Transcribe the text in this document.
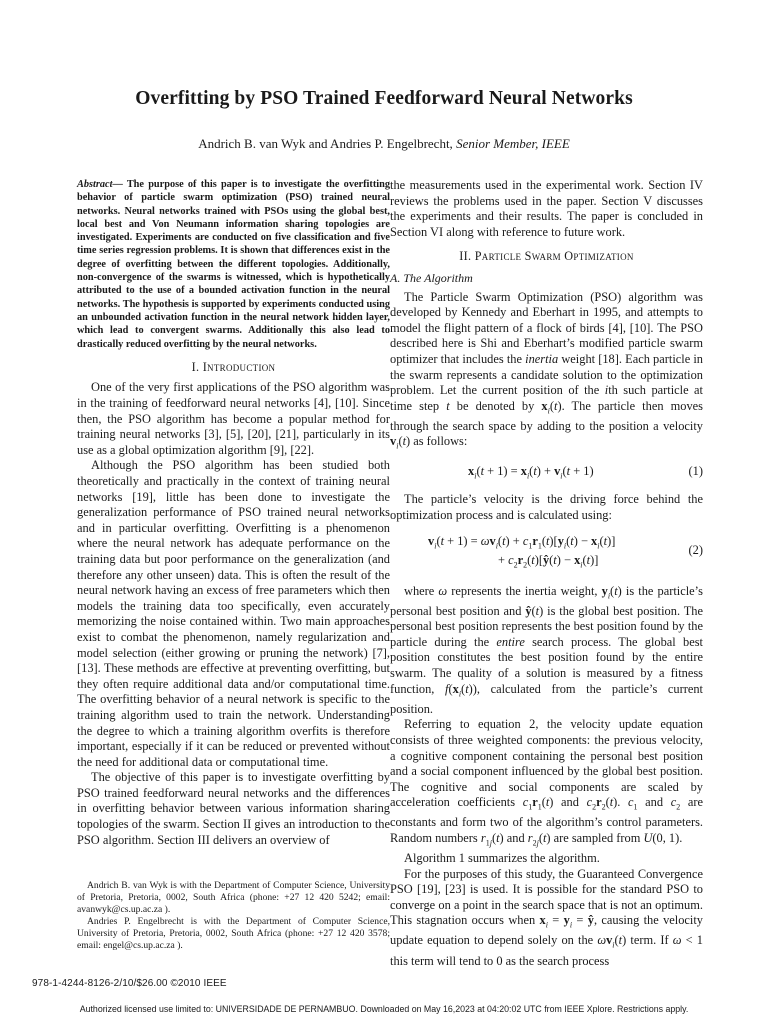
Overfitting by PSO Trained Feedforward Neural Networks
Andrich B. van Wyk and Andries P. Engelbrecht, Senior Member, IEEE

Abstract— The purpose of this paper is to investigate the overfitting behavior of particle swarm optimization (PSO) trained neural networks. Neural networks trained with PSOs using the global best, local best and Von Neumann information sharing topologies are investigated. Experiments are conducted on five classification and five time series regression problems. It is shown that differences exist in the degree of overfitting between the different topologies. Additionally, non-convergence of the swarms is witnessed, which is hypothetically attributed to the use of a bounded activation function in the neural networks. The hypothesis is supported by experiments conducted using an unbounded activation function in the neural network hidden layer, which lead to convergent swarms. Additionally this also lead to drastically reduced overfitting by the neural networks.

I. Introduction

One of the very first applications of the PSO algorithm was in the training of feedforward neural networks [4], [10]. Since then, the PSO algorithm has become a popular method for training neural networks [3], [5], [20], [21], particularly in its use as a global optimization algorithm [9], [22].

Although the PSO algorithm has been studied both theoretically and practically in the context of training neural networks [19], little has been done to investigate the generalization performance of PSO trained neural networks and in particular overfitting. Overfitting is a phenomenon where the neural network has adequate performance on the training data but poor performance on the generalization (and therefore any other unseen) data. This is often the result of the neural network having an excess of free parameters which then models the training data too specifically, even accurately memorizing the noise contained within. Two main approaches exist to combat the phenomenon, namely regularization and model selection (either growing or pruning the network) [7], [13]. These methods are effective at preventing overfitting, but they often require additional data and/or computational time. The overfitting behavior of a neural network is specific to the training algorithm used to train the network. Understanding the degree to which a training algorithm overfits is therefore important, especially if it can be reduced or prevented without the need for additional data or computational time.

The objective of this paper is to investigate overfitting by PSO trained feedforward neural networks and the differences in overfitting behavior between various information sharing topologies of the swarm. Section II gives an introduction to the PSO algorithm. Section III delivers an overview of

the measurements used in the experimental work. Section IV reviews the problems used in the paper. Section V discusses the experiments and their results. The paper is concluded in Section VI along with reference to future work.

II. Particle Swarm Optimization
A. The Algorithm

The Particle Swarm Optimization (PSO) algorithm was developed by Kennedy and Eberhart in 1995, and attempts to model the flight pattern of a flock of birds [4], [10]. The PSO described here is Shi and Eberhart’s modified particle swarm optimizer that includes the inertia weight [18]. Each particle in the swarm represents a candidate solution to the optimization problem. Let the current position of the ith such particle at time step t be denoted by $x_i(t)$. The particle then moves through the search space by adding to the position a velocity $v_i(t)$ as follows:

$x_i(t + 1) = x_i(t) + v_i(t + 1)$	(1)

The particle’s velocity is the driving force behind the optimization process and is calculated using:

$v_i(t + 1) = \omega v_i(t) + c_1r_1(t)[y_i(t) - x_i(t)]$
+ $c_2r_2(t)[ŷ(t) - x_i(t)]$
(2)

where ω represents the inertia weight, $y_i(t)$ is the particle’s personal best position and ŷ(t) is the global best position. The personal best position represents the best position found by the particle during the entire search process. The global best position constitutes the best position found by the entire swarm. The quality of a solution is measured by a fitness function, $f(x_i(t))$, calculated from the particle’s current position.

Referring to equation 2, the velocity update equation consists of three weighted components: the previous velocity, a cognitive component containing the personal best position and a social component influenced by the global best position. The cognitive and social components are scaled by acceleration coefficients $c_1r_1(t)$ and $c_2r_2(t)$. $c_1$ and $c_2$ are constants and form two of the algorithm’s control parameters. Random numbers $r_{1j}(t)$ and $r_{2j}(t)$ are sampled from U(0, 1).

Algorithm 1 summarizes the algorithm.

For the purposes of this study, the Guaranteed Convergence PSO [19], [23] is used. It is possible for the standard PSO to converge on a point in the search space that is not an optimum. This stagnation occurs when $x_i = y_i$ = ŷ, causing the velocity update equation to depend solely on the $\omega v_i(t)$ term. If ω < 1 this term will tend to 0 as the search process

Andrich B. van Wyk is with the Department of Computer Science, University of Pretoria, Pretoria, 0002, South Africa (phone: +27 12 420 5242; email: avanwyk@cs.up.ac.za ).

Andries P. Engelbrecht is with the Department of Computer Science, University of Pretoria, Pretoria, 0002, South Africa (phone: +27 12 420 3578; email: engel@cs.up.ac.za ).

978-1-4244-8126-2/10/$26.00 ©2010 IEEE
Authorized licensed use limited to: UNIVERSIDADE DE PERNAMBUO. Downloaded on May 16,2023 at 04:20:02 UTC from IEEE Xplore. Restrictions apply.
